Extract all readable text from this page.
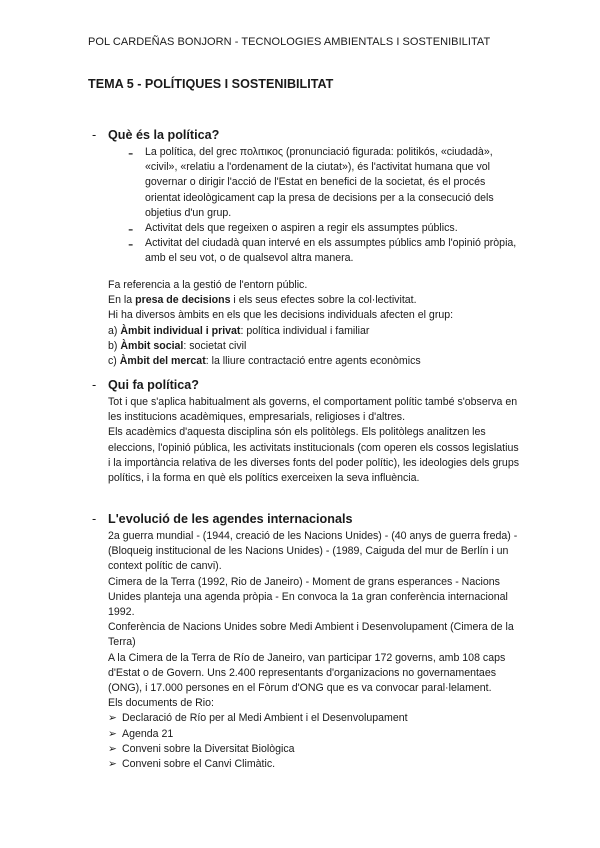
POL CARDEÑAS BONJORN - TECNOLOGIES AMBIENTALS I SOSTENIBILITAT
TEMA 5 - POLÍTIQUES I SOSTENIBILITAT
- Què és la política?
- La política, del grec πολιτικος (pronunciació figurada: politikós, «ciudadà», «civil», «relatiu a l'ordenament de la ciutat»), és l'activitat humana que vol governar o dirigir l'acció de l'Estat en benefici de la societat, és el procés orientat ideològicament cap la presa de decisions per a la consecució dels objetius d'un grup.
- Activitat dels que regeixen o aspiren a regir els assumptes públics.
- Activitat del ciudadà quan intervé en els assumptes públics amb l'opinió pròpia, amb el seu vot, o de qualsevol altra manera.
Fa referencia a la gestió de l'entorn públic.
En la presa de decisions i els seus efectes sobre la col·lectivitat.
Hi ha diversos àmbits en els que les decisions individuals afecten el grup:
a) Àmbit individual i privat: política individual i familiar
b) Àmbit social: societat civil
c) Àmbit del mercat: la lliure contractació entre agents econòmics
- Qui fa política?
Tot i que s'aplica habitualment als governs, el comportament polític també s'observa en les institucions acadèmiques, empresarials, religioses i d'altres.
Els acadèmics d'aquesta disciplina són els politòlegs. Els politòlegs analitzen les eleccions, l'opinió pública, les activitats institucionals (com operen els cossos legislatius i la importància relativa de les diverses fonts del poder polític), les ideologies dels grups polítics, i la forma en què els polítics exerceixen la seva influència.
- L'evolució de les agendes internacionals
2a guerra mundial - (1944, creació de les Nacions Unides) - (40 anys de guerra freda) - (Bloqueig institucional de les Nacions Unides) - (1989, Caiguda del mur de Berlín i un context polític de canvi).
Cimera de la Terra (1992, Rio de Janeiro) - Moment de grans esperances - Nacions Unides planteja una agenda pròpia - En convoca la 1a gran conferència internacional 1992.
Conferència de Nacions Unides sobre Medi Ambient i Desenvolupament (Cimera de la Terra)
A la Cimera de la Terra de Río de Janeiro, van participar 172 governs, amb 108 caps d'Estat o de Govern. Uns 2.400 representants d'organizacions no governamentaes (ONG), i 17.000 persones en el Fòrum d'ONG que es va convocar paral·lelament.
Els documents de Rio:
➢ Declaració de Río per al Medi Ambient i el Desenvolupament
➢ Agenda 21
➢ Conveni sobre la Diversitat Biològica
➢ Conveni sobre el Canvi Climàtic.
